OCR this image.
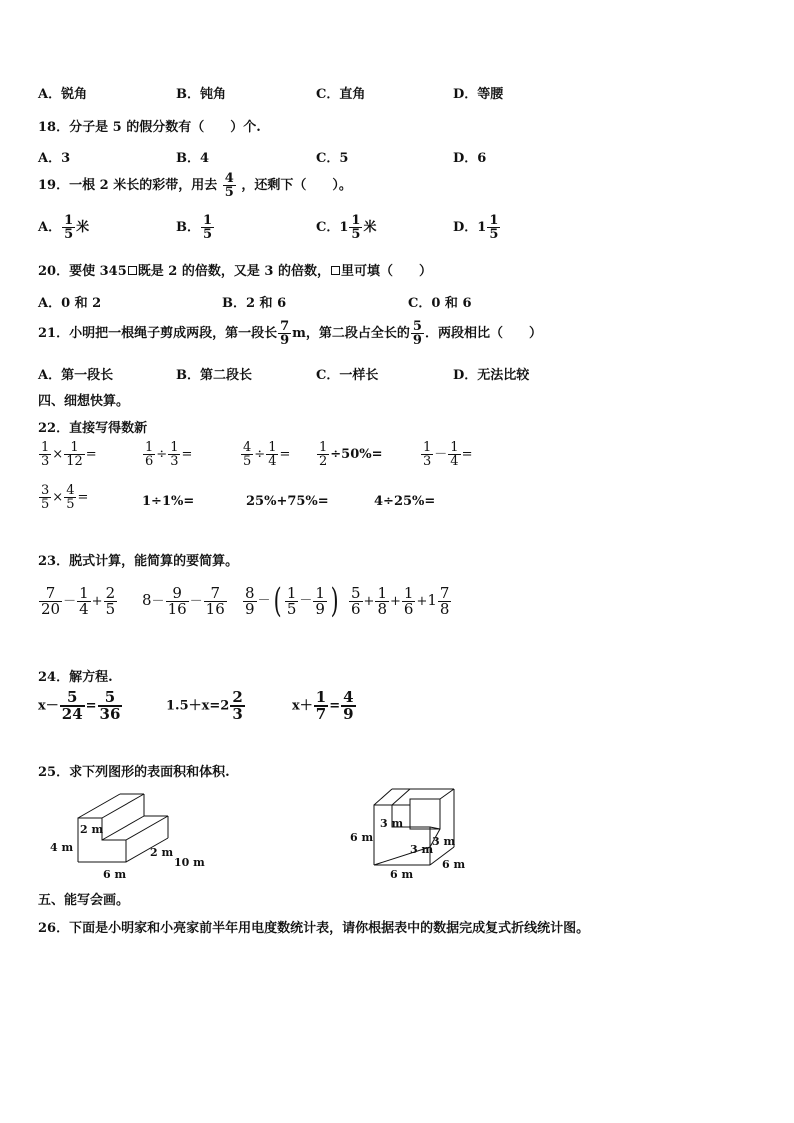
A．锐角	B．钝角	C．直角	D．等腰
18．分子是 5 的假分数有（　　）个.
A．3	B．4	C．5	D．6
19．一根 2 米长的彩带，用去 $\frac{4}{5}$ ，还剩下（　　）。
A． $\frac{1}{5}$ 米	B． $\frac{1}{5}$	C．$1 \frac{1}{5}$ 米	D．$1 \frac{1}{5}$
20．要使 345 既是 2 的倍数，又是 3 的倍数， 里可填（　　）
A．0 和 2	B．2 和 6	C．0 和 6
21．小明把一根绳子剪成两段，第一段长 $\frac{7}{9}$ m，第二段占全长的 $\frac{5}{9}$ ．两段相比（　　）
A．第一段长	B．第二段长	C．一样长	D．无法比较
四、细想快算。
22．直接写得数新
$\frac{1}{3} \times \frac{1}{12}$ =	$\frac{1}{6} \div \frac{1}{3}$ =	$\frac{4}{5} \div \frac{1}{4} = \frac{1}{2} \div 50\%=$	$\frac{1}{3} - \frac{1}{4}$ =
$\frac{3}{5} \times \frac{4}{5}$ =	1÷1%=	25%+75%=	4÷25%=
23．脱式计算，能简算的要简算。
$\frac{7}{20} - \frac{1}{4} + \frac{2}{5} 8- \frac{9}{16} - \frac{7}{16} \frac{8}{9}$ －( $\frac{1}{5} - \frac{1}{9}$ ) $\frac{5}{6} + \frac{1}{8} + \frac{1}{6} +1 \frac{7}{8}$
24．解方程.
$x- \frac{5}{24} = \frac{5}{36}$	$1.5+x=2 \frac{2}{3}$	$x+ \frac{1}{7} = \frac{4}{9}$
25．求下列图形的表面积和体积.
4 m
2 m
2 m
10 m
6 m
6 m
3 m
3 m
3 m
6 m
6 m
五、能写会画。
26．下面是小明家和小亮家前半年用电度数统计表，请你根据表中的数据完成复式折线统计图。
